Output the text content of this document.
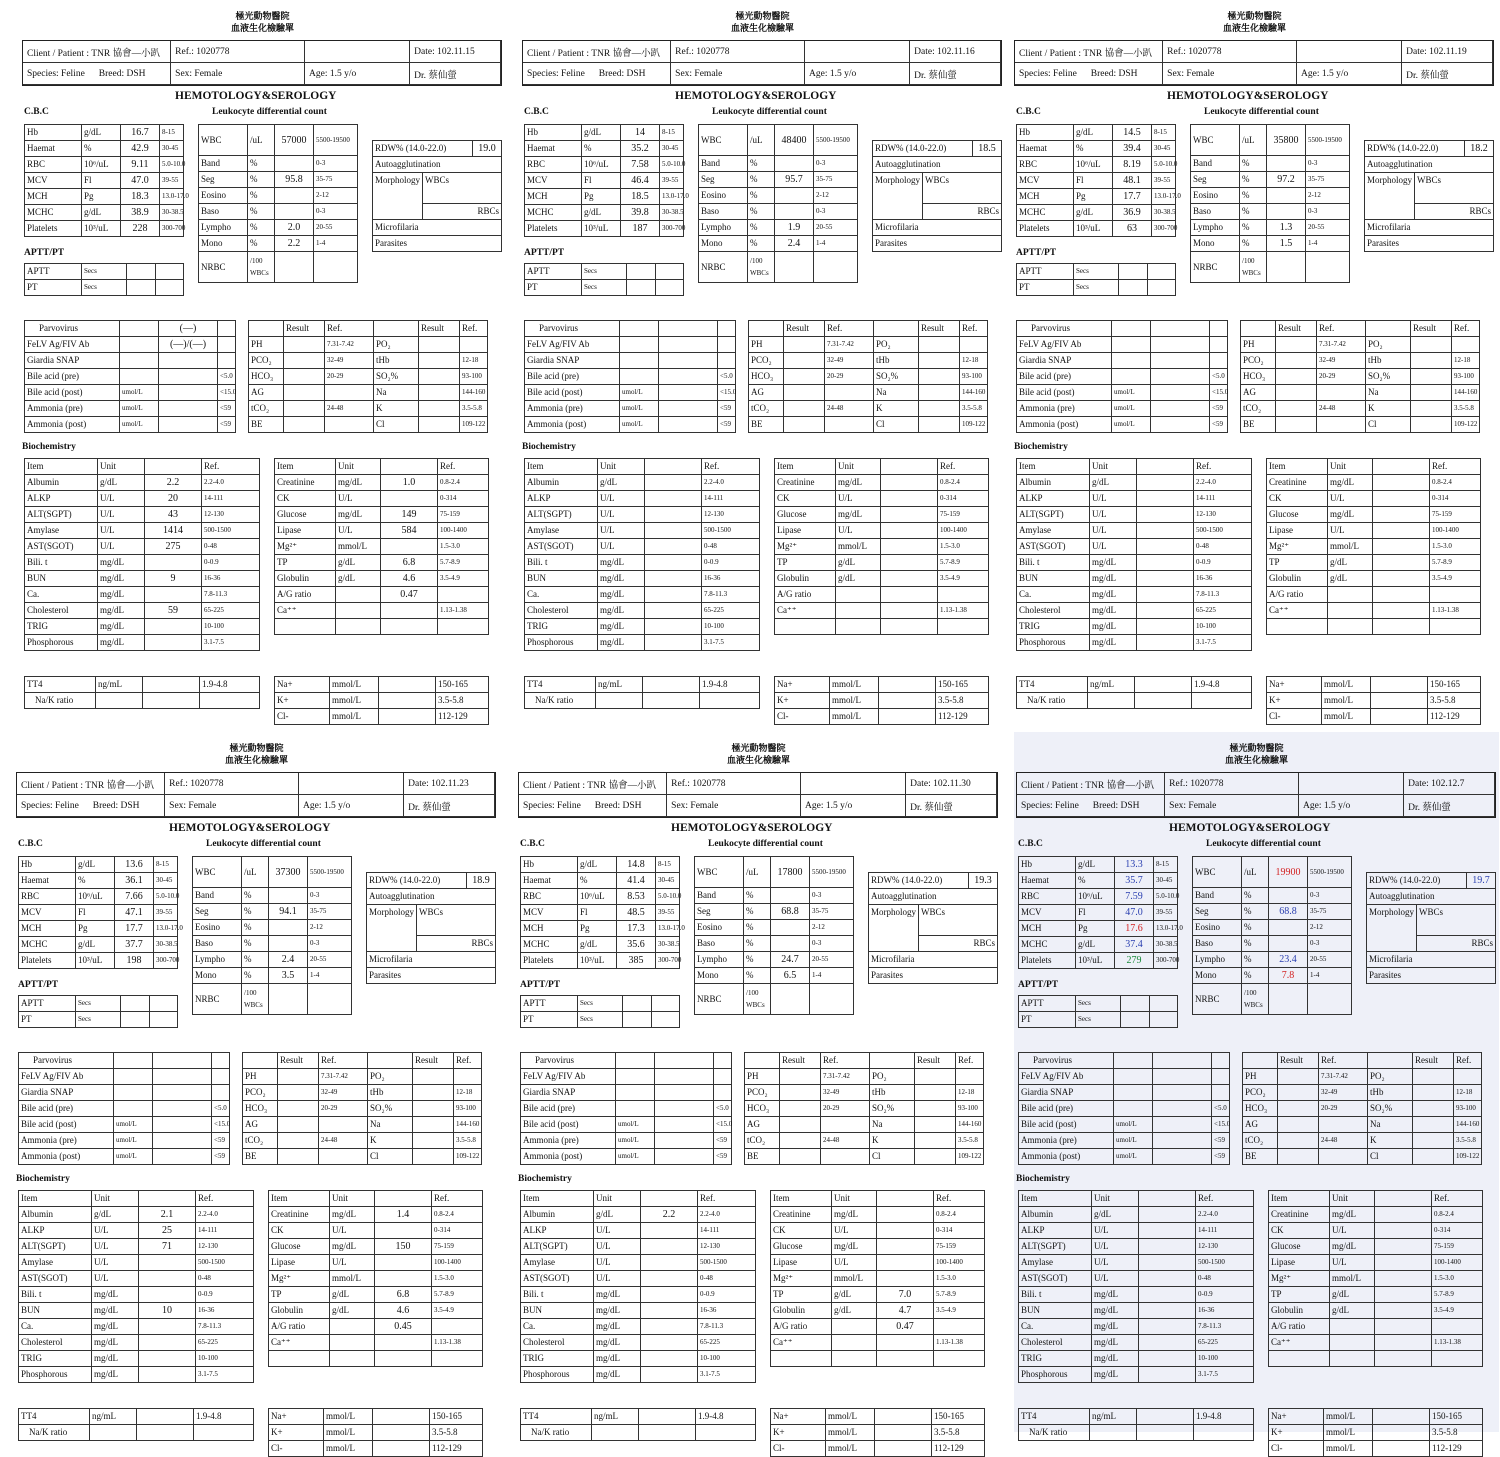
極光動物醫院
血液生化檢驗單
Client / Patient : TNR 協會—小趴	Ref.: 1020778	Date: 102.11.15
Species: Feline Breed: DSH	Sex: Female	Age: 1.5 y/o	Dr. 蔡仙螢
HEMOTOLOGY&SEROLOGY
C.B.C	Leukocyte differential count
Hb	g/dL	16.7	8-15
Haemat	%	42.9	30-45
RBC	10⁶/uL	9.11	5.0-10.0
MCV	Fl	47.0	39-55
MCH	Pg	18.3	13.0-17.0
MCHC	g/dL	38.9	30-38.5
Platelets	10³/uL	228	300-700
APTT/PT
APTT	Secs		
PT	Secs		
WBC	/uL	57000	5500-19500
Band	%		0-3
Seg	%	95.8	35-75
Eosino	%		2-12
Baso	%		0-3
Lympho	%	2.0	20-55
Mono	%	2.2	1-4
NRBC	/100
WBCs		

RDW% (14.0-22.0)		19.0
Autoagglutination		
Morphology	WBCs	
	RBCs	
Microfilaria		
Parasites		
Parvovirus		(—)	
FeLV Ag/FIV Ab		(—)/(—)	
Giardia SNAP			
Bile acid (pre)			<5.0
Bile acid (post)	umol/L		<15.0
Ammonia (pre)	umol/L		<59
Ammonia (post)	umol/L		<59
	Result	Ref.		Result	Ref.
PH		7.31-7.42	PO₂		
PCO₂		32-49	tHb		12-18
HCO₃		20-29	SO₂%		93-100
AG			Na		144-160
tCO₂		24-48	K		3.5-5.8
BE			Cl		109-122
Biochemistry
Item	Unit		Ref.
Albumin	g/dL	2.2	2.2-4.0
ALKP	U/L	20	14-111
ALT(SGPT)	U/L	43	12-130
Amylase	U/L	1414	500-1500
AST(SGOT)	U/L	275	0-48
Bili. t	mg/dL		0-0.9
BUN	mg/dL	9	16-36
Ca.	mg/dL		7.8-11.3
Cholesterol	mg/dL	59	65-225
TRIG	mg/dL		10-100
Phosphorous	mg/dL		3.1-7.5
Item	Unit		Ref.
Creatinine	mg/dL	1.0	0.8-2.4
CK	U/L		0-314
Glucose	mg/dL	149	75-159
Lipase	U/L	584	100-1400
Mg²⁺	mmol/L		1.5-3.0
TP	g/dL	6.8	5.7-8.9
Globulin	g/dL	4.6	3.5-4.9
A/G ratio		0.47	
Ca⁺⁺			1.13-1.38

TT4	ng/mL		1.9-4.8
Na/K ratio			
Na+	mmol/L		150-165
K+	mmol/L		3.5-5.8
Cl-	mmol/L		112-129
極光動物醫院
血液生化檢驗單
Client / Patient : TNR 協會—小趴	Ref.: 1020778	Date: 102.11.16
Species: Feline Breed: DSH	Sex: Female	Age: 1.5 y/o	Dr. 蔡仙螢
HEMOTOLOGY&SEROLOGY
C.B.C	Leukocyte differential count
Hb	g/dL	14	8-15
Haemat	%	35.2	30-45
RBC	10⁶/uL	7.58	5.0-10.0
MCV	Fl	46.4	39-55
MCH	Pg	18.5	13.0-17.0
MCHC	g/dL	39.8	30-38.5
Platelets	10³/uL	187	300-700
APTT/PT
APTT	Secs		
PT	Secs		
WBC	/uL	48400	5500-19500
Band	%		0-3
Seg	%	95.7	35-75
Eosino	%		2-12
Baso	%		0-3
Lympho	%	1.9	20-55
Mono	%	2.4	1-4
NRBC	/100
WBCs		

RDW% (14.0-22.0)		18.5
Autoagglutination		
Morphology	WBCs	
	RBCs	
Microfilaria		
Parasites		
Parvovirus			
FeLV Ag/FIV Ab			
Giardia SNAP			
Bile acid (pre)			<5.0
Bile acid (post)	umol/L		<15.0
Ammonia (pre)	umol/L		<59
Ammonia (post)	umol/L		<59
	Result	Ref.		Result	Ref.
PH		7.31-7.42	PO₂		
PCO₂		32-49	tHb		12-18
HCO₃		20-29	SO₂%		93-100
AG			Na		144-160
tCO₂		24-48	K		3.5-5.8
BE			Cl		109-122
Biochemistry
Item	Unit		Ref.
Albumin	g/dL		2.2-4.0
ALKP	U/L		14-111
ALT(SGPT)	U/L		12-130
Amylase	U/L		500-1500
AST(SGOT)	U/L		0-48
Bili. t	mg/dL		0-0.9
BUN	mg/dL		16-36
Ca.	mg/dL		7.8-11.3
Cholesterol	mg/dL		65-225
TRIG	mg/dL		10-100
Phosphorous	mg/dL		3.1-7.5
Item	Unit		Ref.
Creatinine	mg/dL		0.8-2.4
CK	U/L		0-314
Glucose	mg/dL		75-159
Lipase	U/L		100-1400
Mg²⁺	mmol/L		1.5-3.0
TP	g/dL		5.7-8.9
Globulin	g/dL		3.5-4.9
A/G ratio			
Ca⁺⁺			1.13-1.38

TT4	ng/mL		1.9-4.8
Na/K ratio			
Na+	mmol/L		150-165
K+	mmol/L		3.5-5.8
Cl-	mmol/L		112-129
極光動物醫院
血液生化檢驗單
Client / Patient : TNR 協會—小趴	Ref.: 1020778	Date: 102.11.19
Species: Feline Breed: DSH	Sex: Female	Age: 1.5 y/o	Dr. 蔡仙螢
HEMOTOLOGY&SEROLOGY
C.B.C	Leukocyte differential count
Hb	g/dL	14.5	8-15
Haemat	%	39.4	30-45
RBC	10⁶/uL	8.19	5.0-10.0
MCV	Fl	48.1	39-55
MCH	Pg	17.7	13.0-17.0
MCHC	g/dL	36.9	30-38.5
Platelets	10³/uL	63	300-700
APTT/PT
APTT	Secs		
PT	Secs		
WBC	/uL	35800	5500-19500
Band	%		0-3
Seg	%	97.2	35-75
Eosino	%		2-12
Baso	%		0-3
Lympho	%	1.3	20-55
Mono	%	1.5	1-4
NRBC	/100
WBCs		

RDW% (14.0-22.0)		18.2
Autoagglutination		
Morphology	WBCs	
	RBCs	
Microfilaria		
Parasites		
Parvovirus			
FeLV Ag/FIV Ab			
Giardia SNAP			
Bile acid (pre)			<5.0
Bile acid (post)	umol/L		<15.0
Ammonia (pre)	umol/L		<59
Ammonia (post)	umol/L		<59
	Result	Ref.		Result	Ref.
PH		7.31-7.42	PO₂		
PCO₂		32-49	tHb		12-18
HCO₃		20-29	SO₂%		93-100
AG			Na		144-160
tCO₂		24-48	K		3.5-5.8
BE			Cl		109-122
Biochemistry
Item	Unit		Ref.
Albumin	g/dL		2.2-4.0
ALKP	U/L		14-111
ALT(SGPT)	U/L		12-130
Amylase	U/L		500-1500
AST(SGOT)	U/L		0-48
Bili. t	mg/dL		0-0.9
BUN	mg/dL		16-36
Ca.	mg/dL		7.8-11.3
Cholesterol	mg/dL		65-225
TRIG	mg/dL		10-100
Phosphorous	mg/dL		3.1-7.5
Item	Unit		Ref.
Creatinine	mg/dL		0.8-2.4
CK	U/L		0-314
Glucose	mg/dL		75-159
Lipase	U/L		100-1400
Mg²⁺	mmol/L		1.5-3.0
TP	g/dL		5.7-8.9
Globulin	g/dL		3.5-4.9
A/G ratio			
Ca⁺⁺			1.13-1.38

TT4	ng/mL		1.9-4.8
Na/K ratio			
Na+	mmol/L		150-165
K+	mmol/L		3.5-5.8
Cl-	mmol/L		112-129
極光動物醫院
血液生化檢驗單
Client / Patient : TNR 協會—小趴	Ref.: 1020778	Date: 102.11.23
Species: Feline Breed: DSH	Sex: Female	Age: 1.5 y/o	Dr. 蔡仙螢
HEMOTOLOGY&SEROLOGY
C.B.C	Leukocyte differential count
Hb	g/dL	13.6	8-15
Haemat	%	36.1	30-45
RBC	10⁶/uL	7.66	5.0-10.0
MCV	Fl	47.1	39-55
MCH	Pg	17.7	13.0-17.0
MCHC	g/dL	37.7	30-38.5
Platelets	10³/uL	198	300-700
APTT/PT
APTT	Secs		
PT	Secs		
WBC	/uL	37300	5500-19500
Band	%		0-3
Seg	%	94.1	35-75
Eosino	%		2-12
Baso	%		0-3
Lympho	%	2.4	20-55
Mono	%	3.5	1-4
NRBC	/100
WBCs		

RDW% (14.0-22.0)		18.9
Autoagglutination		
Morphology	WBCs	
	RBCs	
Microfilaria		
Parasites		
Parvovirus			
FeLV Ag/FIV Ab			
Giardia SNAP			
Bile acid (pre)			<5.0
Bile acid (post)	umol/L		<15.0
Ammonia (pre)	umol/L		<59
Ammonia (post)	umol/L		<59
	Result	Ref.		Result	Ref.
PH		7.31-7.42	PO₂		
PCO₂		32-49	tHb		12-18
HCO₃		20-29	SO₂%		93-100
AG			Na		144-160
tCO₂		24-48	K		3.5-5.8
BE			Cl		109-122
Biochemistry
Item	Unit		Ref.
Albumin	g/dL	2.1	2.2-4.0
ALKP	U/L	25	14-111
ALT(SGPT)	U/L	71	12-130
Amylase	U/L		500-1500
AST(SGOT)	U/L		0-48
Bili. t	mg/dL		0-0.9
BUN	mg/dL	10	16-36
Ca.	mg/dL		7.8-11.3
Cholesterol	mg/dL		65-225
TRIG	mg/dL		10-100
Phosphorous	mg/dL		3.1-7.5
Item	Unit		Ref.
Creatinine	mg/dL	1.4	0.8-2.4
CK	U/L		0-314
Glucose	mg/dL	150	75-159
Lipase	U/L		100-1400
Mg²⁺	mmol/L		1.5-3.0
TP	g/dL	6.8	5.7-8.9
Globulin	g/dL	4.6	3.5-4.9
A/G ratio		0.45	
Ca⁺⁺			1.13-1.38

TT4	ng/mL		1.9-4.8
Na/K ratio			
Na+	mmol/L		150-165
K+	mmol/L		3.5-5.8
Cl-	mmol/L		112-129
極光動物醫院
血液生化檢驗單
Client / Patient : TNR 協會—小趴	Ref.: 1020778	Date: 102.11.30
Species: Feline Breed: DSH	Sex: Female	Age: 1.5 y/o	Dr. 蔡仙螢
HEMOTOLOGY&SEROLOGY
C.B.C	Leukocyte differential count
Hb	g/dL	14.8	8-15
Haemat	%	41.4	30-45
RBC	10⁶/uL	8.53	5.0-10.0
MCV	Fl	48.5	39-55
MCH	Pg	17.3	13.0-17.0
MCHC	g/dL	35.6	30-38.5
Platelets	10³/uL	385	300-700
APTT/PT
APTT	Secs		
PT	Secs		
WBC	/uL	17800	5500-19500
Band	%		0-3
Seg	%	68.8	35-75
Eosino	%		2-12
Baso	%		0-3
Lympho	%	24.7	20-55
Mono	%	6.5	1-4
NRBC	/100
WBCs		

RDW% (14.0-22.0)		19.3
Autoagglutination		
Morphology	WBCs	
	RBCs	
Microfilaria		
Parasites		
Parvovirus			
FeLV Ag/FIV Ab			
Giardia SNAP			
Bile acid (pre)			<5.0
Bile acid (post)	umol/L		<15.0
Ammonia (pre)	umol/L		<59
Ammonia (post)	umol/L		<59
	Result	Ref.		Result	Ref.
PH		7.31-7.42	PO₂		
PCO₂		32-49	tHb		12-18
HCO₃		20-29	SO₂%		93-100
AG			Na		144-160
tCO₂		24-48	K		3.5-5.8
BE			Cl		109-122
Biochemistry
Item	Unit		Ref.
Albumin	g/dL	2.2	2.2-4.0
ALKP	U/L		14-111
ALT(SGPT)	U/L		12-130
Amylase	U/L		500-1500
AST(SGOT)	U/L		0-48
Bili. t	mg/dL		0-0.9
BUN	mg/dL		16-36
Ca.	mg/dL		7.8-11.3
Cholesterol	mg/dL		65-225
TRIG	mg/dL		10-100
Phosphorous	mg/dL		3.1-7.5
Item	Unit		Ref.
Creatinine	mg/dL		0.8-2.4
CK	U/L		0-314
Glucose	mg/dL		75-159
Lipase	U/L		100-1400
Mg²⁺	mmol/L		1.5-3.0
TP	g/dL	7.0	5.7-8.9
Globulin	g/dL	4.7	3.5-4.9
A/G ratio		0.47	
Ca⁺⁺			1.13-1.38

TT4	ng/mL		1.9-4.8
Na/K ratio			
Na+	mmol/L		150-165
K+	mmol/L		3.5-5.8
Cl-	mmol/L		112-129
極光動物醫院
血液生化檢驗單
Client / Patient : TNR 協會—小趴	Ref.: 1020778	Date: 102.12.7
Species: Feline Breed: DSH	Sex: Female	Age: 1.5 y/o	Dr. 蔡仙螢
HEMOTOLOGY&SEROLOGY
C.B.C	Leukocyte differential count
Hb	g/dL	13.3	8-15
Haemat	%	35.7	30-45
RBC	10⁶/uL	7.59	5.0-10.0
MCV	Fl	47.0	39-55
MCH	Pg	17.6	13.0-17.0
MCHC	g/dL	37.4	30-38.5
Platelets	10³/uL	279	300-700
APTT/PT
APTT	Secs		
PT	Secs		
WBC	/uL	19900	5500-19500
Band	%		0-3
Seg	%	68.8	35-75
Eosino	%		2-12
Baso	%		0-3
Lympho	%	23.4	20-55
Mono	%	7.8	1-4
NRBC	/100
WBCs		

RDW% (14.0-22.0)		19.7
Autoagglutination		
Morphology	WBCs	
	RBCs	
Microfilaria		
Parasites		
Parvovirus			
FeLV Ag/FIV Ab			
Giardia SNAP			
Bile acid (pre)			<5.0
Bile acid (post)	umol/L		<15.0
Ammonia (pre)	umol/L		<59
Ammonia (post)	umol/L		<59
	Result	Ref.		Result	Ref.
PH		7.31-7.42	PO₂		
PCO₂		32-49	tHb		12-18
HCO₃		20-29	SO₂%		93-100
AG			Na		144-160
tCO₂		24-48	K		3.5-5.8
BE			Cl		109-122
Biochemistry
Item	Unit		Ref.
Albumin	g/dL		2.2-4.0
ALKP	U/L		14-111
ALT(SGPT)	U/L		12-130
Amylase	U/L		500-1500
AST(SGOT)	U/L		0-48
Bili. t	mg/dL		0-0.9
BUN	mg/dL		16-36
Ca.	mg/dL		7.8-11.3
Cholesterol	mg/dL		65-225
TRIG	mg/dL		10-100
Phosphorous	mg/dL		3.1-7.5
Item	Unit		Ref.
Creatinine	mg/dL		0.8-2.4
CK	U/L		0-314
Glucose	mg/dL		75-159
Lipase	U/L		100-1400
Mg²⁺	mmol/L		1.5-3.0
TP	g/dL		5.7-8.9
Globulin	g/dL		3.5-4.9
A/G ratio			
Ca⁺⁺			1.13-1.38

TT4	ng/mL		1.9-4.8
Na/K ratio			
Na+	mmol/L		150-165
K+	mmol/L		3.5-5.8
Cl-	mmol/L		112-129
